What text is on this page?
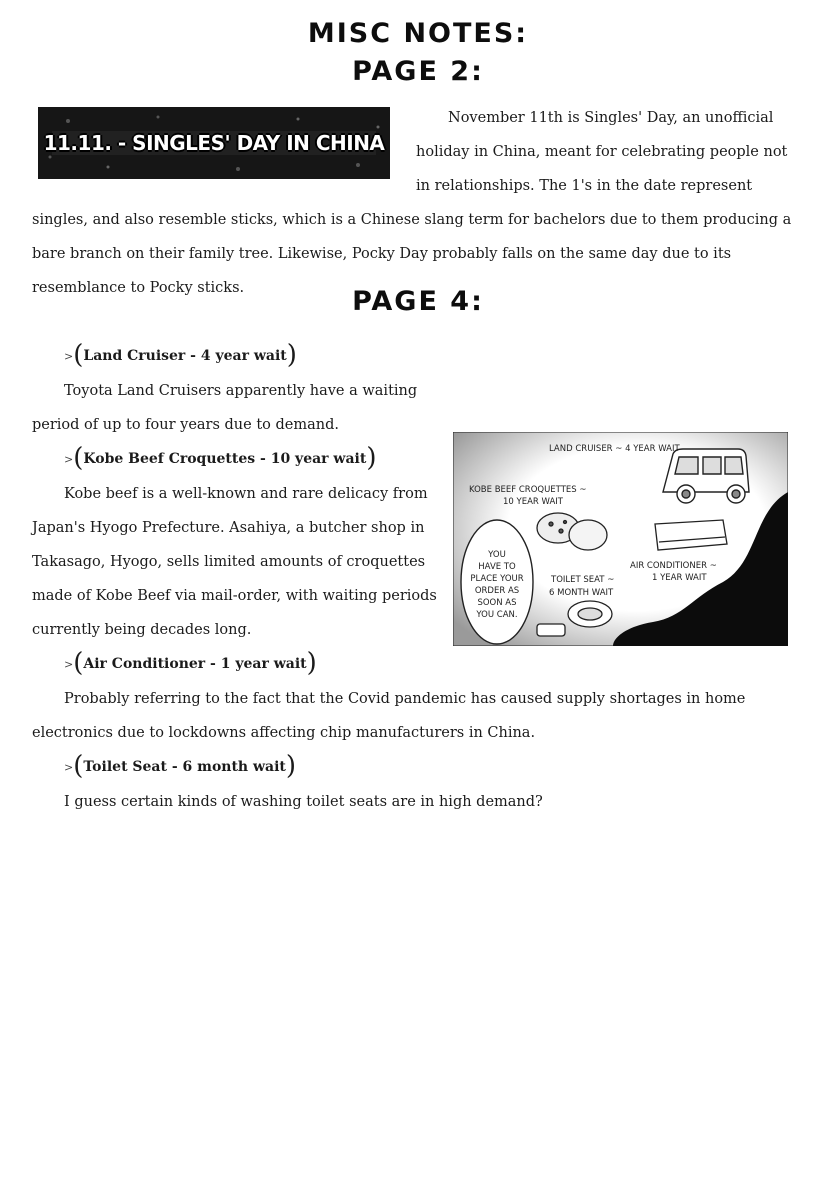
MISC NOTES:
PAGE 2:
11.11. - SINGLES' DAY IN CHINA

November 11th is Singles' Day, an unofficial holiday in China, meant for celebrating people not in relationships. The 1's in the date represent singles, and also resemble sticks, which is a Chinese slang term for bachelors due to them producing a bare branch on their family tree. Likewise, Pocky Day probably falls on the same day due to its resemblance to Pocky sticks.	PAGE 4:
>(Land Cruiser - 4 year wait)

Toyota Land Cruisers apparently have a waiting period of up to four years due to demand.

>(Kobe Beef Croquettes - 10 year wait)

Kobe beef is a well-known and rare delicacy from Japan's Hyogo Prefecture. Asahiya, a butcher shop in Takasago, Hyogo, sells limited amounts of croquettes made of Kobe Beef via mail-order, with waiting periods currently being decades long.

>(Air Conditioner - 1 year wait)

Probably referring to the fact that the Covid pandemic has caused supply shortages in home electronics due to lockdowns affecting chip manufacturers in China.

>(Toilet Seat - 6 month wait)

I guess certain kinds of washing toilet seats are in high demand?

LAND CRUISER ~ 4 YEAR WAIT
KOBE BEEF CROQUETTES ~
10 YEAR WAIT
YOU
HAVE TO
PLACE YOUR
ORDER AS
SOON AS
YOU CAN.
TOILET SEAT ~
6 MONTH WAIT
AIR CONDITIONER ~
1 YEAR WAIT
